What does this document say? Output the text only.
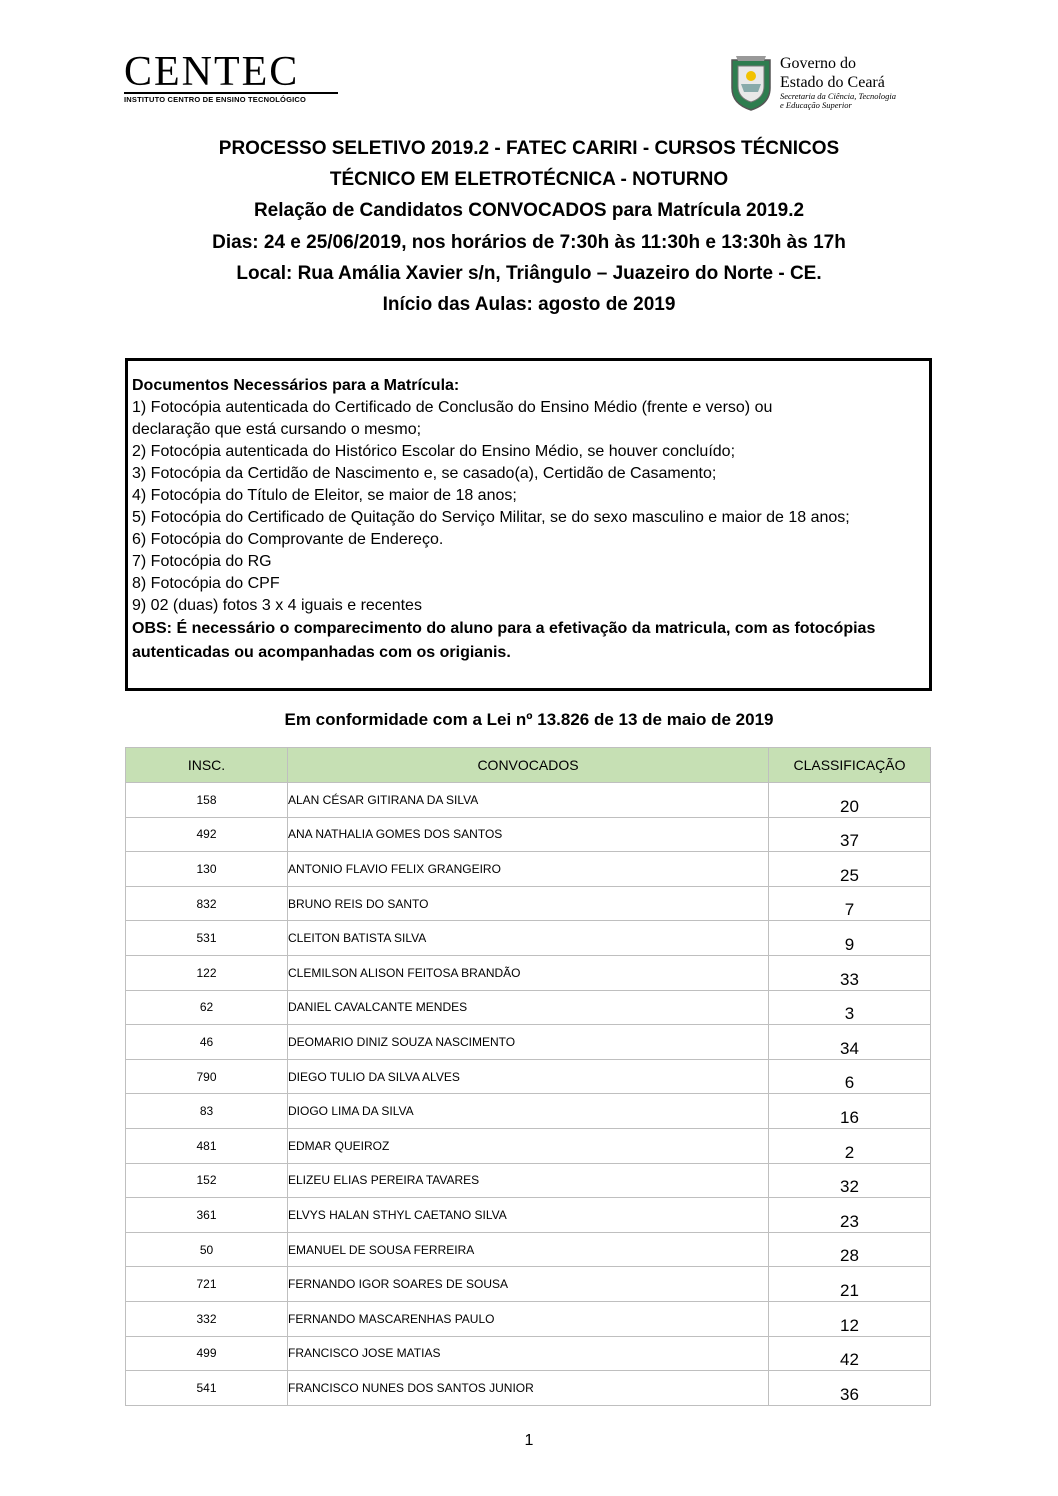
CENTEC
INSTITUTO CENTRO DE ENSINO TECNOLÓGICO
Governo do
Estado do Ceará
Secretaria da Ciência, Tecnologia
e Educação Superior
PROCESSO SELETIVO 2019.2 - FATEC CARIRI - CURSOS TÉCNICOS
TÉCNICO EM ELETROTÉCNICA - NOTURNO
Relação de Candidatos CONVOCADOS para Matrícula 2019.2
Dias: 24 e 25/06/2019, nos horários de 7:30h às 11:30h e 13:30h às 17h
Local: Rua Amália Xavier s/n, Triângulo – Juazeiro do Norte - CE.
Início das Aulas: agosto de 2019
Documentos Necessários para a Matrícula:
1) Fotocópia autenticada do Certificado de Conclusão do Ensino Médio (frente e verso) ou
declaração que está cursando o mesmo;
2) Fotocópia autenticada do Histórico Escolar do Ensino Médio, se houver concluído;
3) Fotocópia da Certidão de Nascimento e, se casado(a), Certidão de Casamento;
4) Fotocópia do Título de Eleitor, se maior de 18 anos;
5) Fotocópia do Certificado de Quitação do Serviço Militar, se do sexo masculino e maior de 18 anos;
6) Fotocópia do Comprovante de Endereço.
7) Fotocópia do RG
8) Fotocópia do CPF
9) 02 (duas) fotos 3 x 4 iguais e recentes
OBS: É necessário o comparecimento do aluno para a efetivação da matricula, com as fotocópias
autenticadas ou acompanhadas com os origianis.
Em conformidade com a Lei nº 13.826 de 13 de maio de 2019
INSC.	CONVOCADOS	CLASSIFICAÇÃO
158	ALAN CÉSAR GITIRANA DA SILVA	20
492	ANA NATHALIA GOMES DOS SANTOS	37
130	ANTONIO FLAVIO FELIX GRANGEIRO	25
832	BRUNO REIS DO SANTO	7
531	CLEITON BATISTA SILVA	9
122	CLEMILSON ALISON FEITOSA BRANDÃO	33
62	DANIEL CAVALCANTE MENDES	3
46	DEOMARIO DINIZ SOUZA NASCIMENTO	34
790	DIEGO TULIO DA SILVA ALVES	6
83	DIOGO LIMA DA SILVA	16
481	EDMAR QUEIROZ	2
152	ELIZEU ELIAS PEREIRA TAVARES	32
361	ELVYS HALAN STHYL CAETANO SILVA	23
50	EMANUEL DE SOUSA FERREIRA	28
721	FERNANDO IGOR SOARES DE SOUSA	21
332	FERNANDO MASCARENHAS PAULO	12
499	FRANCISCO JOSE MATIAS	42
541	FRANCISCO NUNES DOS SANTOS JUNIOR	36
1
